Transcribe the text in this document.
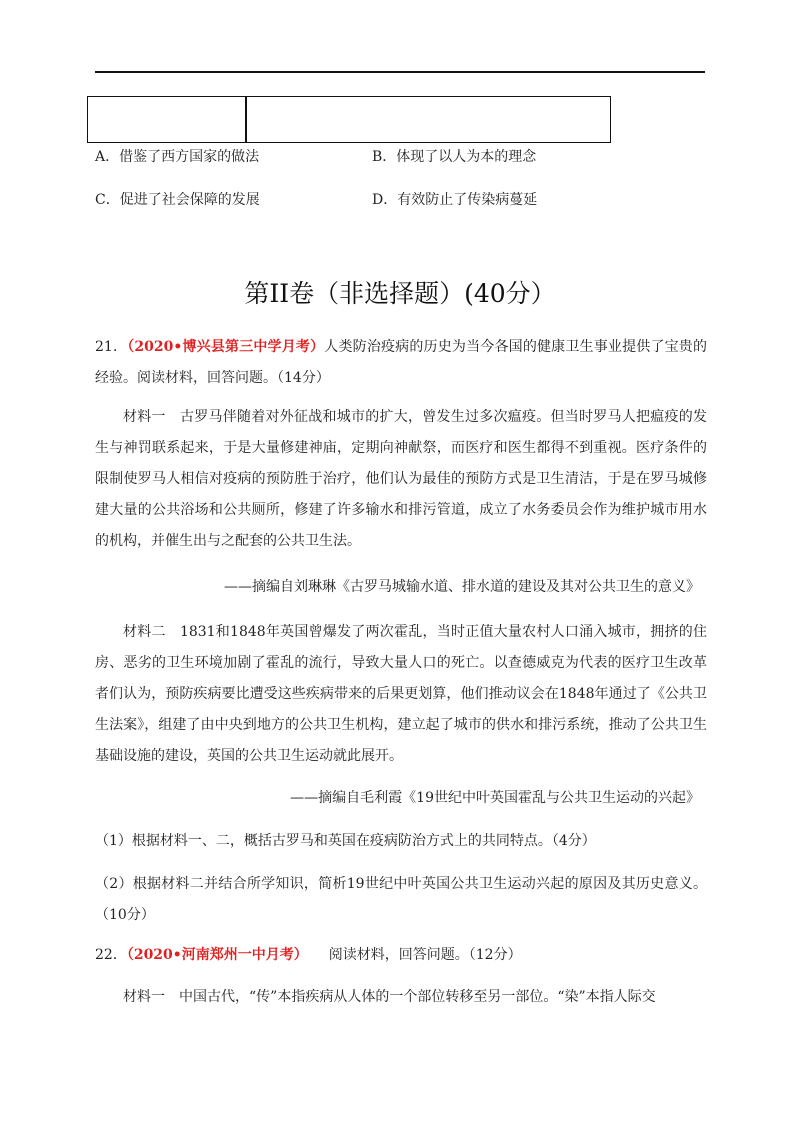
A．借鉴了西方国家的做法	B．体现了以人为本的理念
C．促进了社会保障的发展	D．有效防止了传染病蔓延
第II卷（非选择题）(40分）
21．（2020•博兴县第三中学月考）人类防治疫病的历史为当今各国的健康卫生事业提供了宝贵的经验。阅读材料，回答问题。（14分）
材料一　古罗马伴随着对外征战和城市的扩大，曾发生过多次瘟疫。但当时罗马人把瘟疫的发生与神罚联系起来，于是大量修建神庙，定期向神献祭，而医疗和医生都得不到重视。医疗条件的限制使罗马人相信对疫病的预防胜于治疗，他们认为最佳的预防方式是卫生清洁，于是在罗马城修建大量的公共浴场和公共厕所，修建了许多输水和排污管道，成立了水务委员会作为维护城市用水的机构，并催生出与之配套的公共卫生法。
——摘编自刘琳琳《古罗马城输水道、排水道的建设及其对公共卫生的意义》
材料二　1831和1848年英国曾爆发了两次霍乱，当时正值大量农村人口涌入城市，拥挤的住房、恶劣的卫生环境加剧了霍乱的流行，导致大量人口的死亡。以查德威克为代表的医疗卫生改革者们认为，预防疾病要比遭受这些疾病带来的后果更划算，他们推动议会在1848年通过了《公共卫生法案》，组建了由中央到地方的公共卫生机构，建立起了城市的供水和排污系统，推动了公共卫生基础设施的建设，英国的公共卫生运动就此展开。
——摘编自毛利霞《19世纪中叶英国霍乱与公共卫生运动的兴起》
（1）根据材料一、二，概括古罗马和英国在疫病防治方式上的共同特点。（4分）
（2）根据材料二并结合所学知识，简析19世纪中叶英国公共卫生运动兴起的原因及其历史意义。（10分）
22．（2020•河南郑州一中月考）　　阅读材料，回答问题。（12分）
材料一　中国古代，“传”本指疾病从人体的一个部位转移至另一部位。“染”本指人际交
